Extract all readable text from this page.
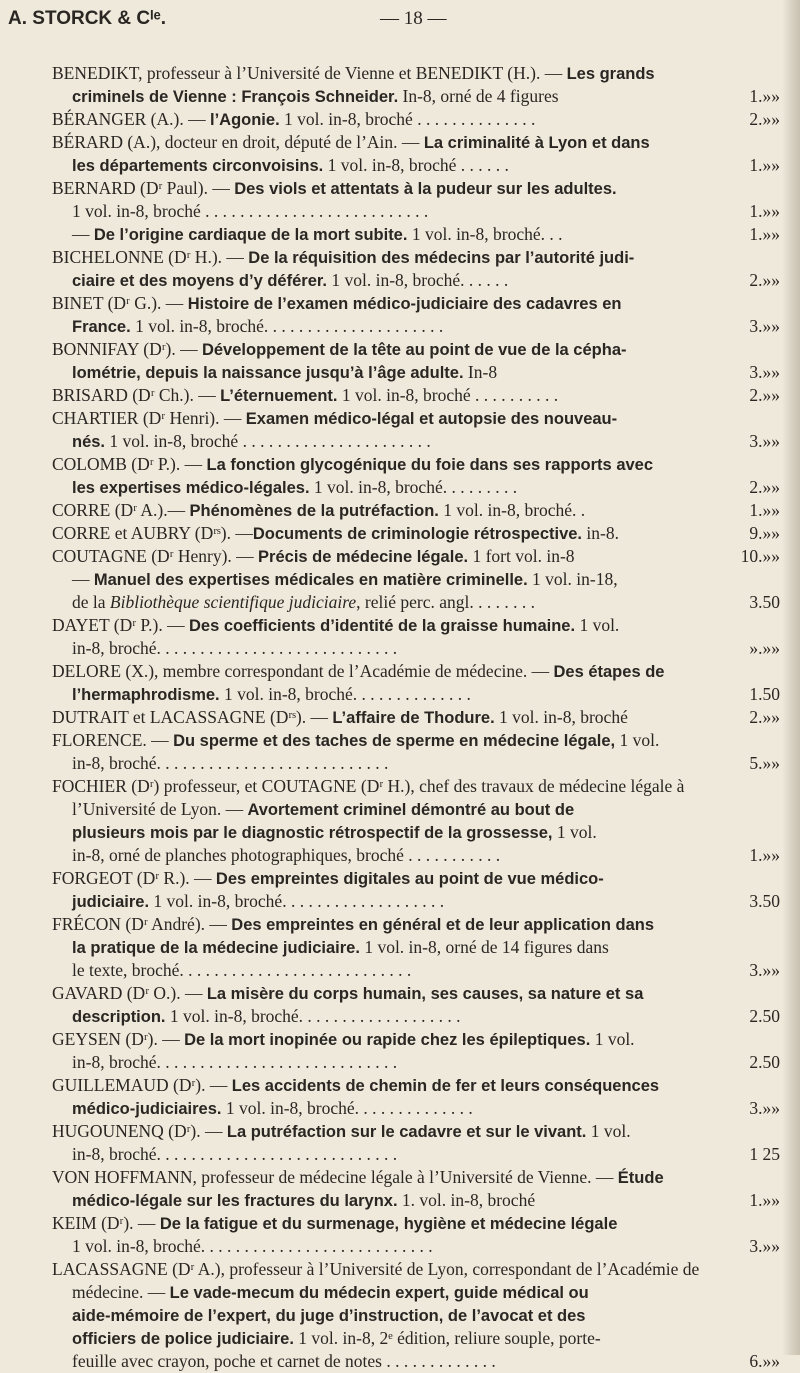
A. STORCK & Cᴵᵉ.	— 18 —
BENEDIKT, professeur à l’Université de Vienne et BENEDIKT (H.). — Les grands
criminels de Vienne : François Schneider. In-8, orné de 4 figures	1.»»
BÉRANGER (A.). — l’Agonie. 1 vol. in-8, broché . . . . . . . . . . . . . .	2.»»
BÉRARD (A.), docteur en droit, député de l’Ain. — La criminalité à Lyon et dans
les départements circonvoisins. 1 vol. in-8, broché . . . . . .	1.»»
BERNARD (Dʳ Paul). — Des viols et attentats à la pudeur sur les adultes.
1 vol. in-8, broché . . . . . . . . . . . . . . . . . . . . . . . . . .	1.»»
— De l’origine cardiaque de la mort subite. 1 vol. in-8, broché. . .	1.»»
BICHELONNE (Dʳ H.). — De la réquisition des médecins par l’autorité judi-
ciaire et des moyens d’y déférer. 1 vol. in-8, broché. . . . . .	2.»»
BINET (Dʳ G.). — Histoire de l’examen médico-judiciaire des cadavres en
France. 1 vol. in-8, broché. . . . . . . . . . . . . . . . . . . . .	3.»»
BONNIFAY (Dʳ). — Développement de la tête au point de vue de la cépha-
lométrie, depuis la naissance jusqu’à l’âge adulte. In-8	3.»»
BRISARD (Dʳ Ch.). — L’éternuement. 1 vol. in-8, broché . . . . . . . . . .	2.»»
CHARTIER (Dʳ Henri). — Examen médico-légal et autopsie des nouveau-
nés. 1 vol. in-8, broché . . . . . . . . . . . . . . . . . . . . . .	3.»»
COLOMB (Dʳ P.). — La fonction glycogénique du foie dans ses rapports avec
les expertises médico-légales. 1 vol. in-8, broché. . . . . . . . .	2.»»
CORRE (Dʳ A.).— Phénomènes de la putréfaction. 1 vol. in-8, broché. .	1.»»
CORRE et AUBRY (Dʳˢ). —Documents de criminologie rétrospective. in-8.	9.»»
COUTAGNE (Dʳ Henry). — Précis de médecine légale. 1 fort vol. in-8	10.»»
— Manuel des expertises médicales en matière criminelle. 1 vol. in-18,
de la Bibliothèque scientifique judiciaire, relié perc. angl. . . . . . . .	3.50
DAYET (Dʳ P.). — Des coefficients d’identité de la graisse humaine. 1 vol.
in-8, broché. . . . . . . . . . . . . . . . . . . . . . . . . . . .	».»»
DELORE (X.), membre correspondant de l’Académie de médecine. — Des étapes de
l’hermaphrodisme. 1 vol. in-8, broché. . . . . . . . . . . . . .	1.50
DUTRAIT et LACASSAGNE (Dʳˢ). — L’affaire de Thodure. 1 vol. in-8, broché	2.»»
FLORENCE. — Du sperme et des taches de sperme en médecine légale, 1 vol.
in-8, broché. . . . . . . . . . . . . . . . . . . . . . . . . . .	5.»»
FOCHIER (Dʳ) professeur, et COUTAGNE (Dʳ H.), chef des travaux de médecine légale à
l’Université de Lyon. — Avortement criminel démontré au bout de
plusieurs mois par le diagnostic rétrospectif de la grossesse, 1 vol.
in-8, orné de planches photographiques, broché . . . . . . . . . . .	1.»»
FORGEOT (Dʳ R.). — Des empreintes digitales au point de vue médico-
judiciaire. 1 vol. in-8, broché. . . . . . . . . . . . . . . . . . .	3.50
FRÉCON (Dʳ André). — Des empreintes en général et de leur application dans
la pratique de la médecine judiciaire. 1 vol. in-8, orné de 14 figures dans
le texte, broché. . . . . . . . . . . . . . . . . . . . . . . . . . .	3.»»
GAVARD (Dʳ O.). — La misère du corps humain, ses causes, sa nature et sa
description. 1 vol. in-8, broché. . . . . . . . . . . . . . . . . . .	2.50
GEYSEN (Dʳ). — De la mort inopinée ou rapide chez les épileptiques. 1 vol.
in-8, broché. . . . . . . . . . . . . . . . . . . . . . . . . . . .	2.50
GUILLEMAUD (Dʳ). — Les accidents de chemin de fer et leurs conséquences
médico-judiciaires. 1 vol. in-8, broché. . . . . . . . . . . . . .	3.»»
HUGOUNENQ (Dʳ). — La putréfaction sur le cadavre et sur le vivant. 1 vol.
in-8, broché. . . . . . . . . . . . . . . . . . . . . . . . . . . .	1 25
VON HOFFMANN, professeur de médecine légale à l’Université de Vienne. — Étude
médico-légale sur les fractures du larynx. 1. vol. in-8, broché	1.»»
KEIM (Dʳ). — De la fatigue et du surmenage, hygiène et médecine légale
1 vol. in-8, broché. . . . . . . . . . . . . . . . . . . . . . . . . . .	3.»»
LACASSAGNE (Dʳ A.), professeur à l’Université de Lyon, correspondant de l’Académie de
médecine. — Le vade-mecum du médecin expert, guide médical ou
aide-mémoire de l’expert, du juge d’instruction, de l’avocat et des
officiers de police judiciaire. 1 vol. in-8, 2ᵉ édition, reliure souple, porte-
feuille avec crayon, poche et carnet de notes . . . . . . . . . . . . .	6.»»
